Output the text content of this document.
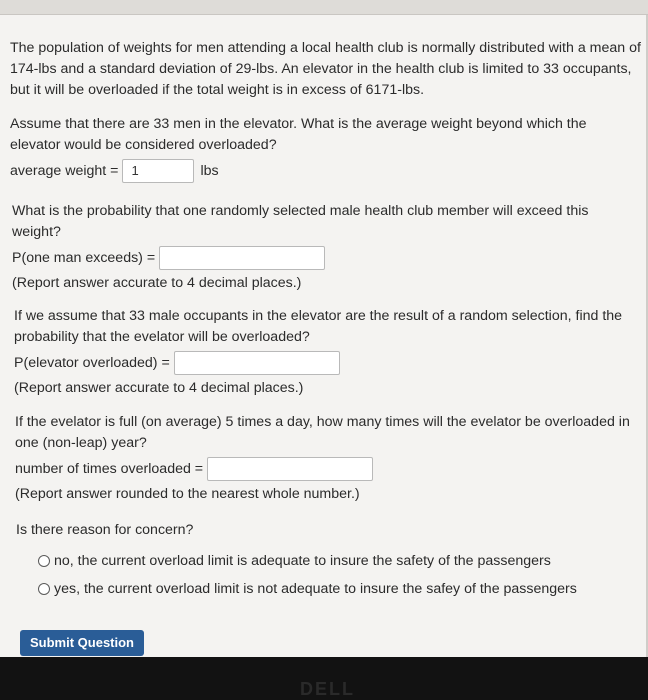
The population of weights for men attending a local health club is normally distributed with a mean of 174-lbs and a standard deviation of 29-lbs. An elevator in the health club is limited to 33 occupants, but it will be overloaded if the total weight is in excess of 6171-lbs.

Assume that there are 33 men in the elevator. What is the average weight beyond which the elevator would be considered overloaded?

average weight =	1	lbs

What is the probability that one randomly selected male health club member will exceed this weight?

P(one man exceeds) =

(Report answer accurate to 4 decimal places.)

If we assume that 33 male occupants in the elevator are the result of a random selection, find the probability that the evelator will be overloaded?

P(elevator overloaded) =

(Report answer accurate to 4 decimal places.)

If the evelator is full (on average) 5 times a day, how many times will the evelator be overloaded in one (non-leap) year?

number of times overloaded =

(Report answer rounded to the nearest whole number.)

Is there reason for concern?

no, the current overload limit is adequate to insure the safety of the passengers
yes, the current overload limit is not adequate to insure the safey of the passengers
Submit Question
DELL
